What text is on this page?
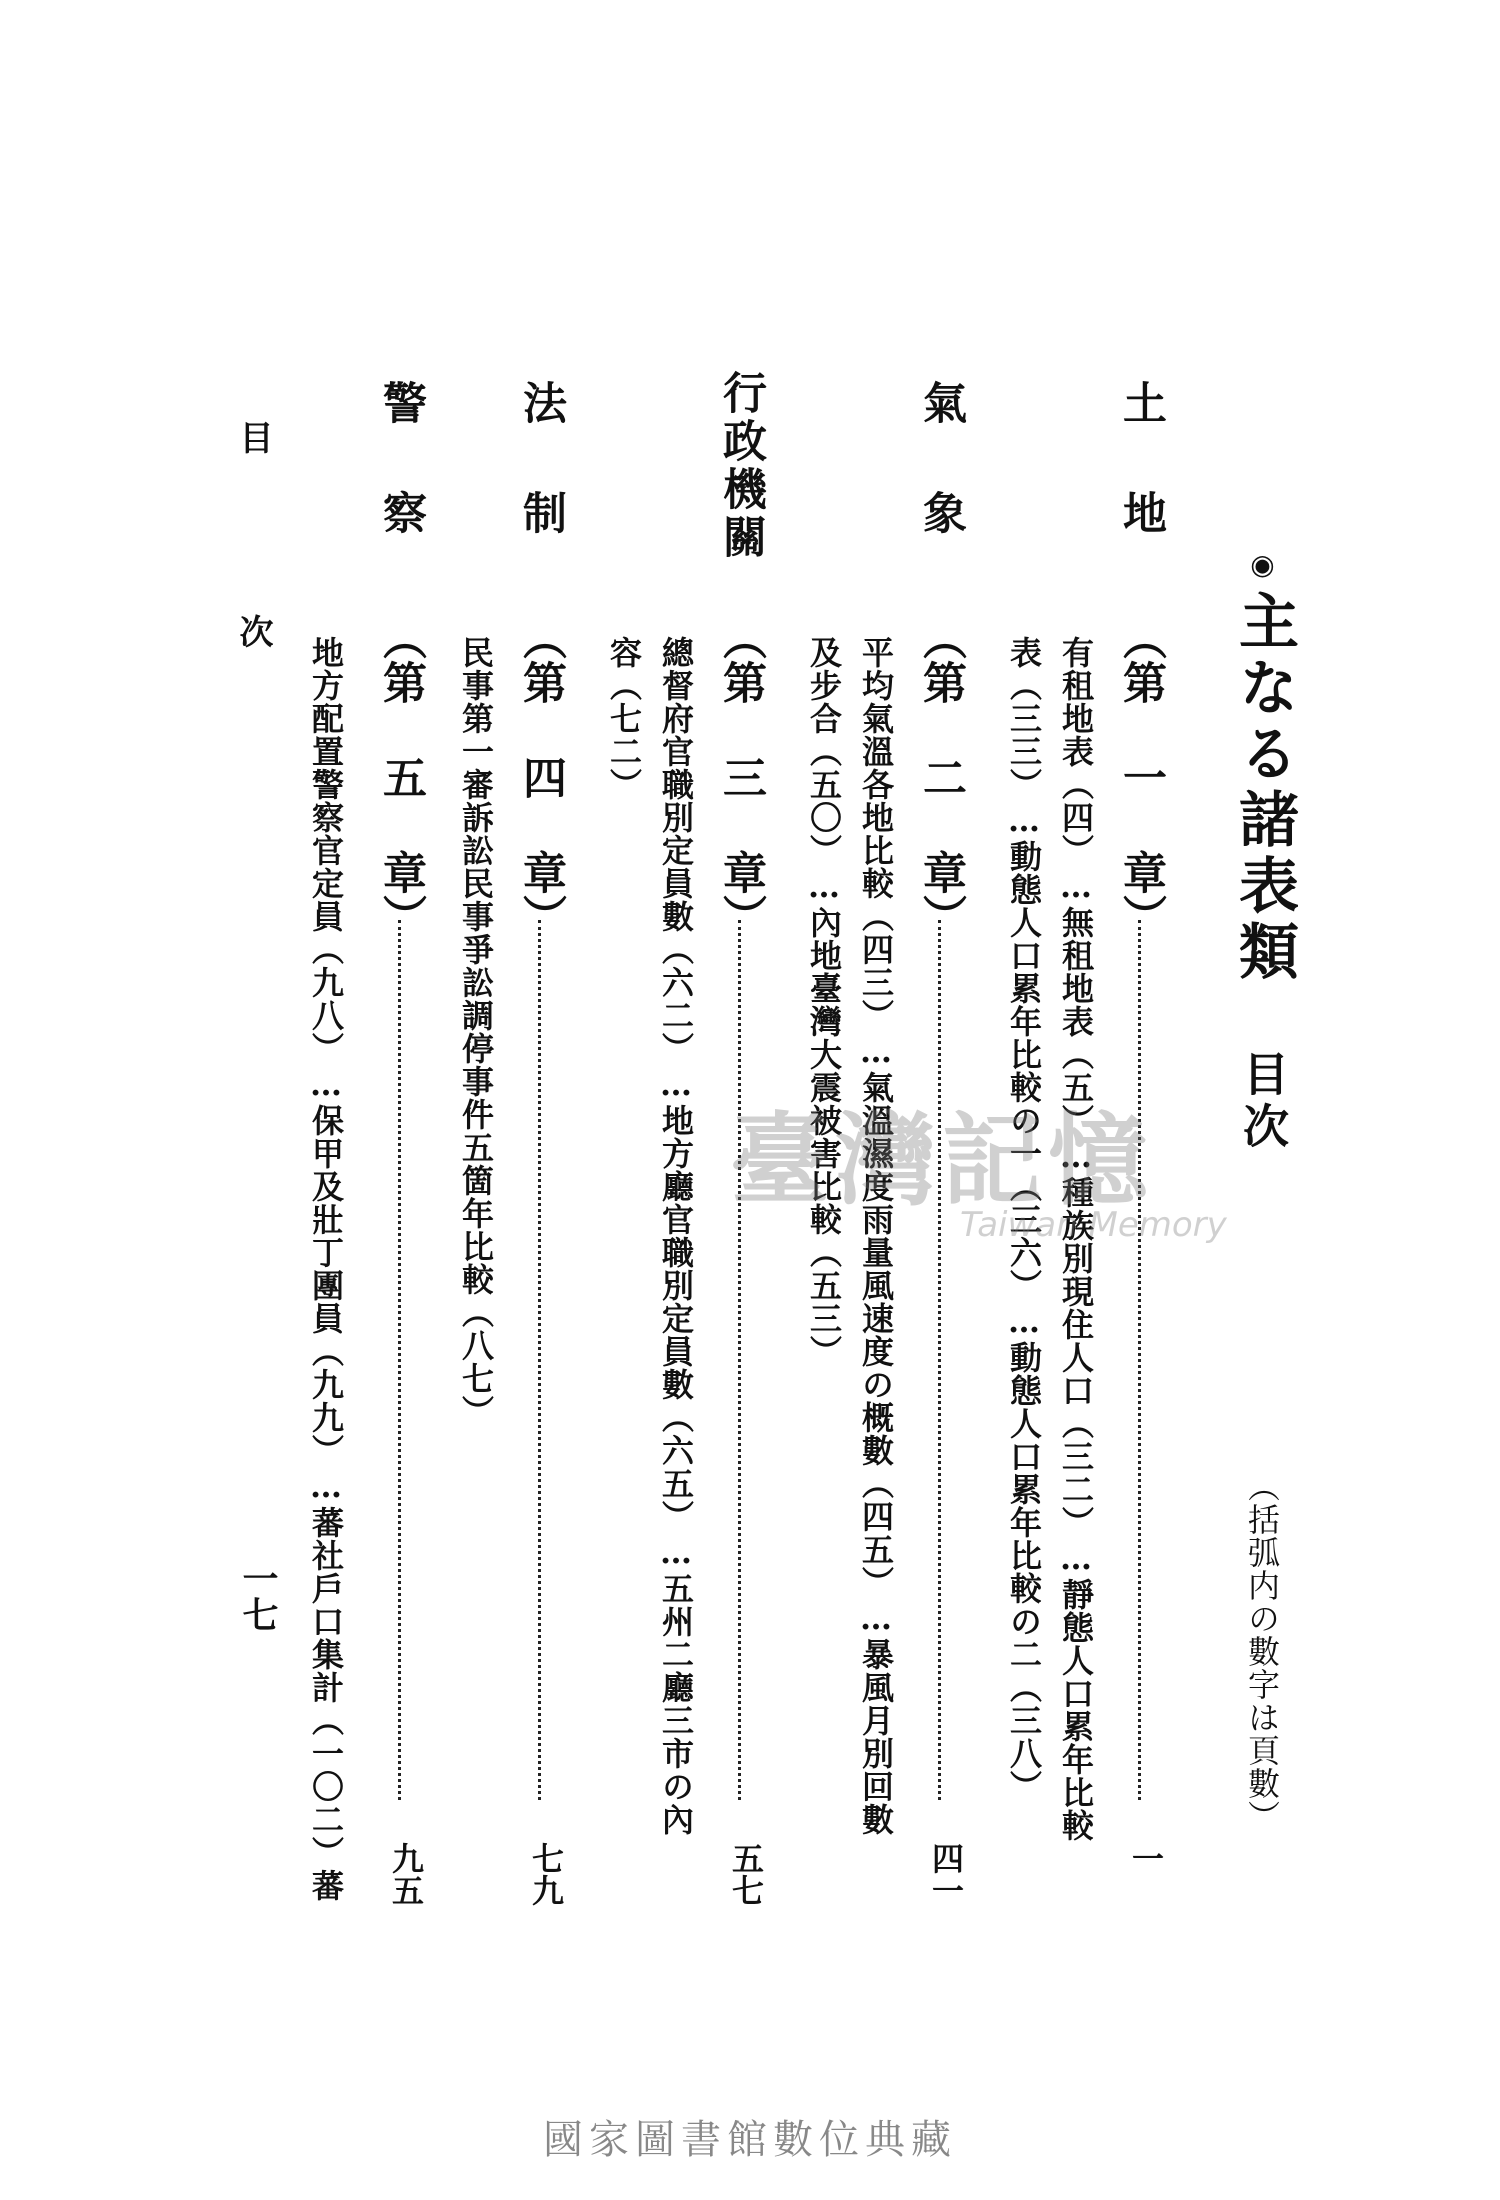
◉
主なる諸表類
目次
（括弧内の數字は頁數）
土地
（第 一 章）
一
有租地表（四）…無租地表（五）…種族別現住人口（三二）…靜態人口累年比較
表（三三）…動態人口累年比較の一（三六）…動態人口累年比較の二（三八）
氣象
（第 二 章）
四一
平均氣溫各地比較（四三）…氣溫濕度雨量風速度の概數（四五）…暴風月別回數
及步合（五〇）…內地臺灣大震被害比較（五三）
行政機關
（第 三 章）
五七
總督府官職別定員數（六二）…地方廳官職別定員數（六五）…五州二廳三市の內
容（七二）
法制
（第 四 章）
七九
民事第一審訴訟民事爭訟調停事件五箇年比較（八七）
警察
（第 五 章）
九五
地方配置警察官定員（九八）…保甲及壯丁團員（九九）…蕃社戶口集計（一〇二）蕃
目 次
一七
臺灣記憶
Taiwan Memory
國家圖書館數位典藏
